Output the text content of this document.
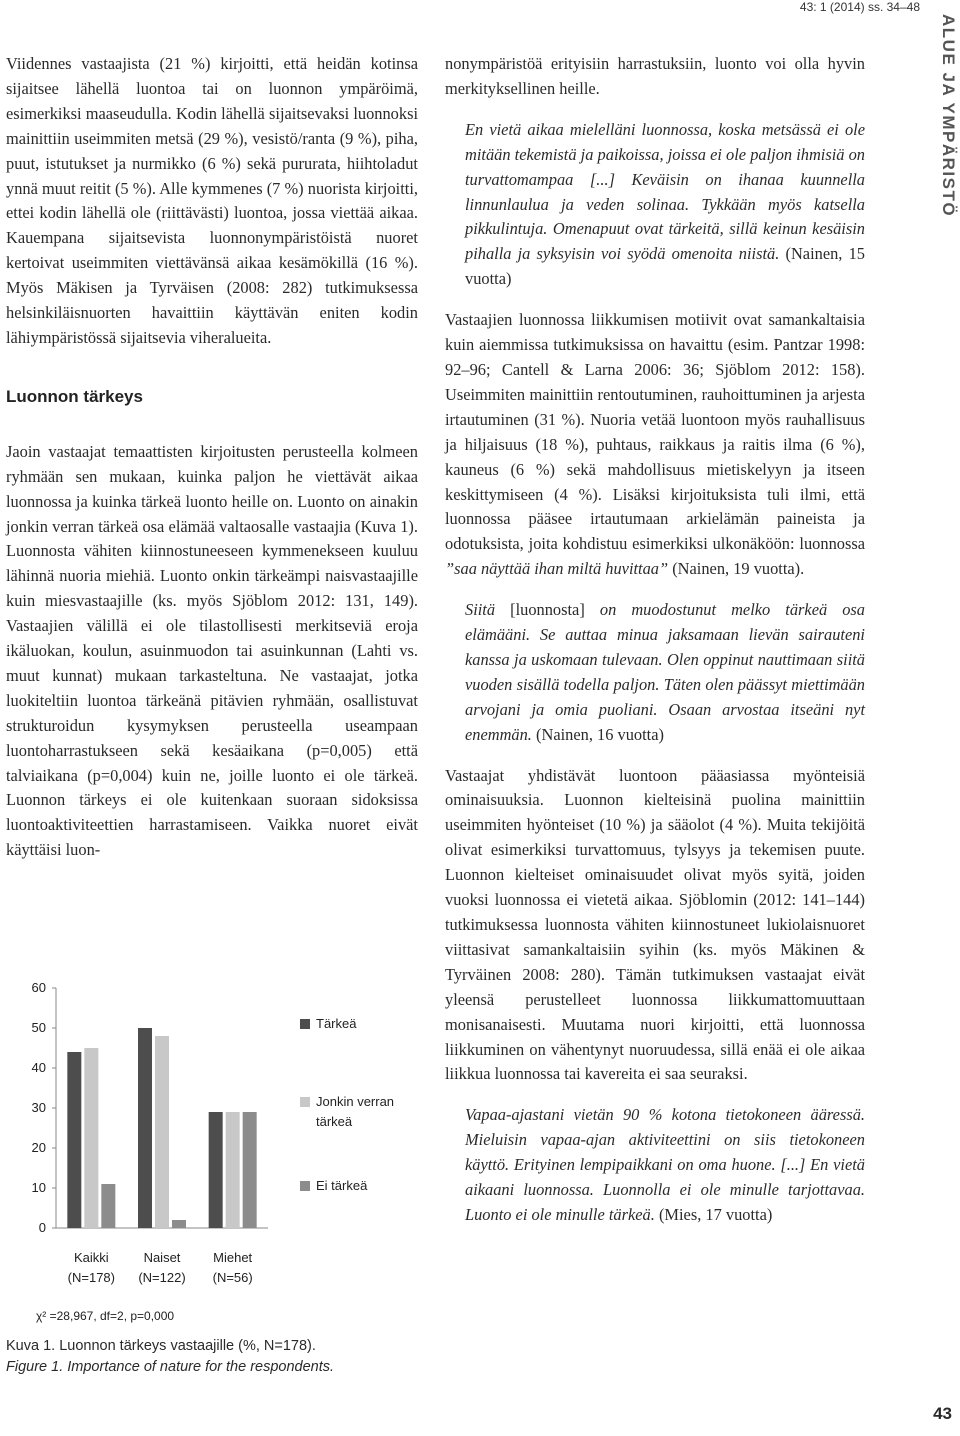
43: 1 (2014) ss. 34–48
ALUE JA YMPÄRISTÖ

Viidennes vastaajista (21 %) kirjoitti, että heidän kotinsa sijaitsee lähellä luontoa tai on luonnon ympäröimä, esimerkiksi maaseudulla. Kodin lähellä sijaitsevaksi luonnoksi mainittiin useimmiten metsä (29 %), vesistö/ranta (9 %), piha, puut, istutukset ja nurmikko (6 %) sekä pururata, hiihtoladut ynnä muut reitit (5 %). Alle kymmenes (7 %) nuorista kirjoitti, ettei kodin lähellä ole (riittävästi) luontoa, jossa viettää aikaa. Kauempana sijaitsevista luonnonympäristöistä nuoret kertoivat useimmiten viettävänsä aikaa kesämökillä (16 %). Myös Mäkisen ja Tyrväisen (2008: 282) tutkimuksessa helsinkiläisnuorten havaittiin käyttävän eniten kodin lähiympäristössä sijaitsevia viheralueita.

Luonnon tärkeys

Jaoin vastaajat temaattisten kirjoitusten perusteella kolmeen ryhmään sen mukaan, kuinka paljon he viettävät aikaa luonnossa ja kuinka tärkeä luonto heille on. Luonto on ainakin jonkin verran tärkeä osa elämää valtaosalle vastaajia (Kuva 1). Luonnosta vähiten kiinnostuneeseen kymmenekseen kuuluu lähinnä nuoria miehiä. Luonto onkin tärkeämpi naisvastaajille kuin miesvastaajille (ks. myös Sjöblom 2012: 131, 149). Vastaajien välillä ei ole tilastollisesti merkitseviä eroja ikäluokan, koulun, asuinmuodon tai asuinkunnan (Lahti vs. muut kunnat) mukaan tarkasteltuna. Ne vastaajat, jotka luokiteltiin luontoa tärkeänä pitävien ryhmään, osallistuvat strukturoidun kysymyksen perusteella useampaan luontoharrastukseen sekä kesäaikana (p=0,005) että talviaikana (p=0,004) kuin ne, joille luonto ei ole tärkeä. Luonnon tärkeys ei ole kuitenkaan suoraan sidoksissa luontoaktiviteettien harrastamiseen. Vaikka nuoret eivät käyttäisi luon-

nonympäristöä erityisiin harrastuksiin, luonto voi olla hyvin merkityksellinen heille.

En vietä aikaa mielelläni luonnossa, koska metsässä ei ole mitään tekemistä ja paikoissa, joissa ei ole paljon ihmisiä on turvattomampaa [...] Keväisin on ihanaa kuunnella linnunlaulua ja veden solinaa. Tykkään myös katsella pikkulintuja. Omenapuut ovat tärkeitä, sillä keinun kesäisin pihalla ja syksyisin voi syödä omenoita niistä. (Nainen, 15 vuotta)

Vastaajien luonnossa liikkumisen motiivit ovat samankaltaisia kuin aiemmissa tutkimuksissa on havaittu (esim. Pantzar 1998: 92–96; Cantell & Larna 2006: 36; Sjöblom 2012: 158). Useimmiten mainittiin rentoutuminen, rauhoittuminen ja arjesta irtautuminen (31 %). Nuoria vetää luontoon myös rauhallisuus ja hiljaisuus (18 %), puhtaus, raikkaus ja raitis ilma (6 %), kauneus (6 %) sekä mahdollisuus mietiskelyyn ja itseen keskittymiseen (4 %). Lisäksi kirjoituksista tuli ilmi, että luonnossa pääsee irtautumaan arkielämän paineista ja odotuksista, joita kohdistuu esimerkiksi ulkonäköön: luonnossa ”saa näyttää ihan miltä huvittaa” (Nainen, 19 vuotta).

Siitä [luonnosta] on muodostunut melko tärkeä osa elämääni. Se auttaa minua jaksamaan lievän sairauteni kanssa ja uskomaan tulevaan. Olen oppinut nauttimaan siitä vuoden sisällä todella paljon. Täten olen päässyt miettimään arvojani ja omia puoliani. Osaan arvostaa itseäni nyt enemmän. (Nainen, 16 vuotta)

Vastaajat yhdistävät luontoon pääasiassa myönteisiä ominaisuuksia. Luonnon kielteisinä puolina mainittiin useimmiten hyönteiset (10 %) ja sääolot (4 %). Muita tekijöitä olivat esimerkiksi turvattomuus, tylsyys ja tekemisen puute. Luonnon kielteiset ominaisuudet olivat myös syitä, joiden vuoksi luonnossa ei vietetä aikaa. Sjöblomin (2012: 141–144) tutkimuksessa luonnosta vähiten kiinnostuneet lukiolaisnuoret viittasivat samankaltaisiin syihin (ks. myös Mäkinen & Tyrväinen 2008: 280). Tämän tutkimuksen vastaajat eivät yleensä perustelleet luonnossa liikkumattomuuttaan monisanaisesti. Muutama nuori kirjoitti, että luonnossa liikkuminen on vähentynyt nuoruudessa, sillä enää ei ole aikaa liikkua luonnossa tai kavereita ei saa seuraksi.

Vapaa-ajastani vietän 90 % kotona tietokoneen ääressä. Mieluisin vapaa-ajan aktiviteettini on siis tietokoneen käyttö. Erityinen lempipaikkani on oma huone. [...] En vietä aikaani luonnossa. Luonnolla ei ole minulle tarjottavaa. Luonto ei ole minulle tärkeä. (Mies, 17 vuotta)

0
10
20
30
40
50
60
Kaikki
(N=178)
Naiset
(N=122)
Miehet
(N=56)
Tärkeä
Jonkin verran
tärkeä
Ei tärkeä
χ² =28,967, df=2, p=0,000
Kuva 1. Luonnon tärkeys vastaajille (%, N=178).
Figure 1. Importance of nature for the respondents.
43
